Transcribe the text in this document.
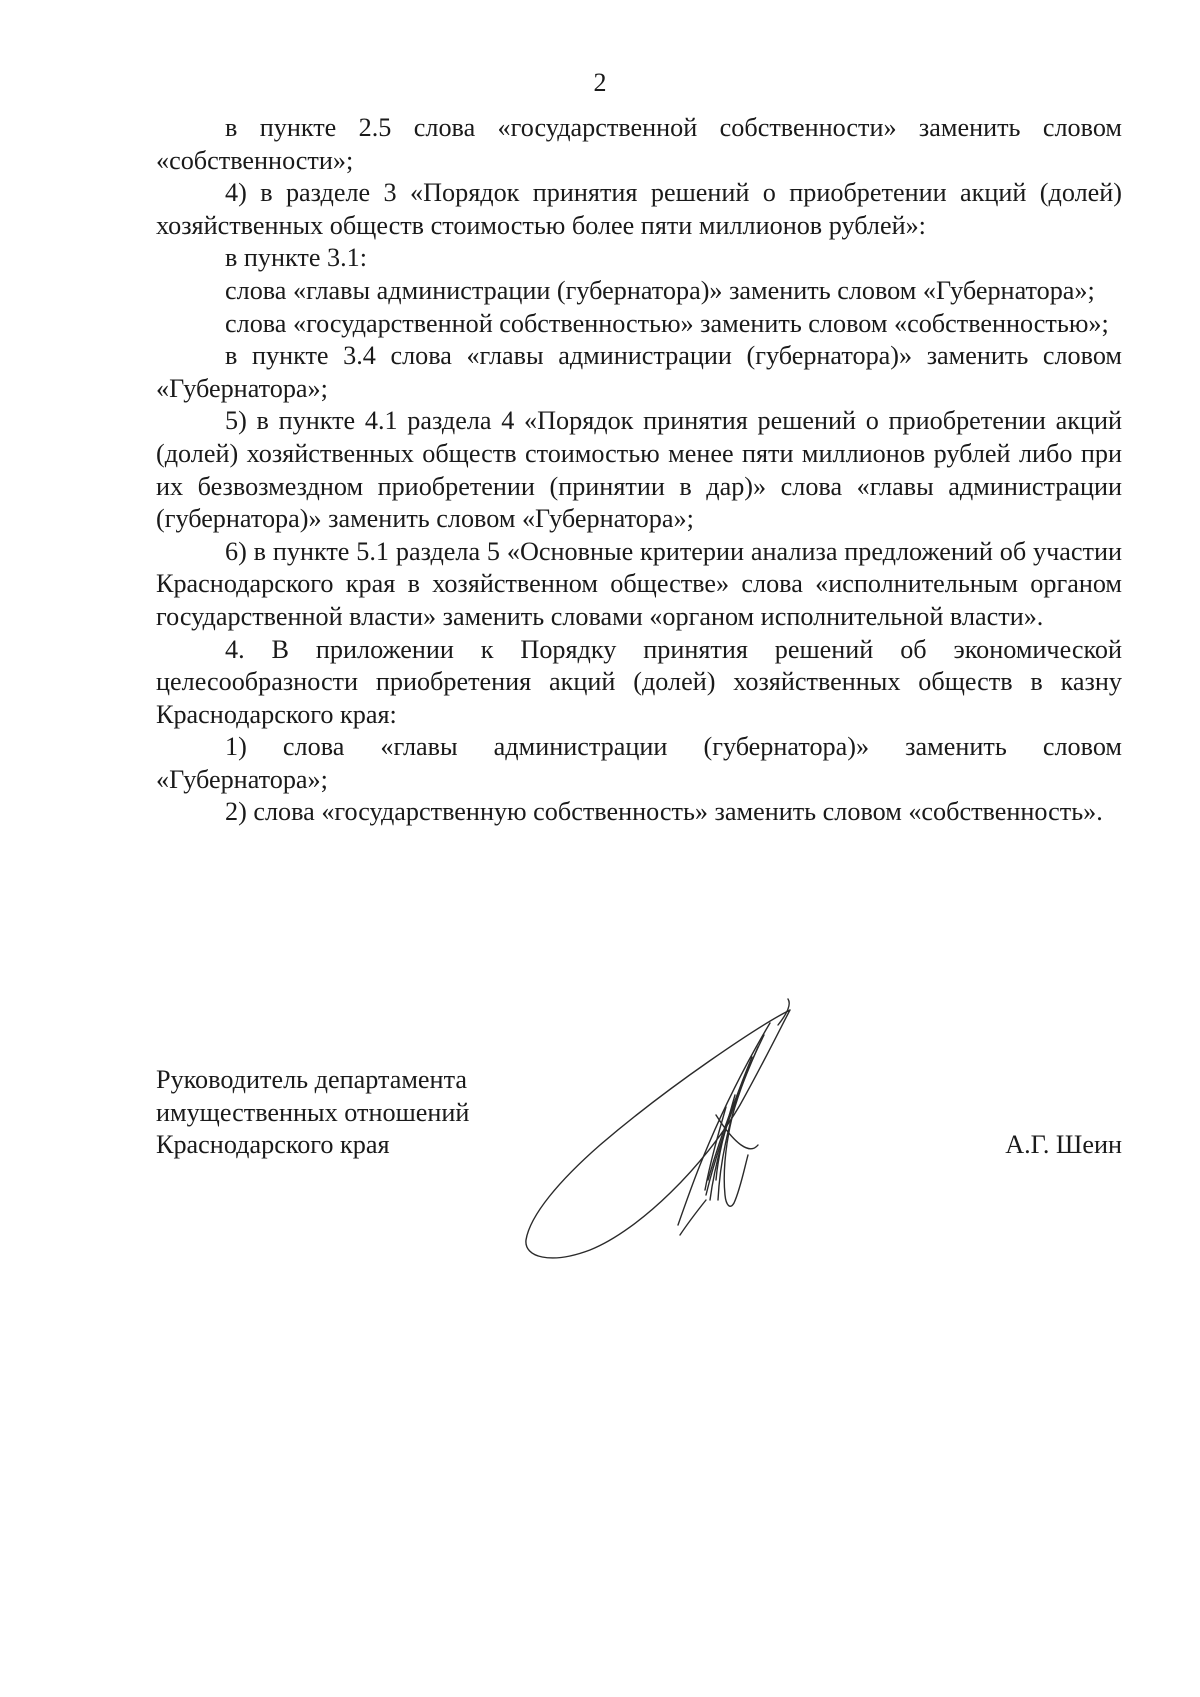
2

в пункте 2.5 слова «государственной собственности» заменить словом «собственности»;

4) в разделе 3 «Порядок принятия решений о приобретении акций (долей) хозяйственных обществ стоимостью более пяти миллионов рублей»:

в пункте 3.1:

слова «главы администрации (губернатора)» заменить словом «Губернатора»;

слова «государственной собственностью» заменить словом «собственностью»;

в пункте 3.4 слова «главы администрации (губернатора)» заменить словом «Губернатора»;

5) в пункте 4.1 раздела 4 «Порядок принятия решений о приобретении акций (долей) хозяйственных обществ стоимостью менее пяти миллионов рублей либо при их безвозмездном приобретении (принятии в дар)» слова «главы администрации (губернатора)» заменить словом «Губернатора»;

6) в пункте 5.1 раздела 5 «Основные критерии анализа предложений об участии Краснодарского края в хозяйственном обществе» слова «исполнительным органом государственной власти» заменить словами «органом исполнительной власти».

4. В приложении к Порядку принятия решений об экономической целесообразности приобретения акций (долей) хозяйственных обществ в казну Краснодарского края:

1) слова «главы администрации (губернатора)» заменить словом «Губернатора»;

2) слова «государственную собственность» заменить словом «собственность».

Руководитель департамента
имущественных отношений
Краснодарского края	А.Г. Шеин
